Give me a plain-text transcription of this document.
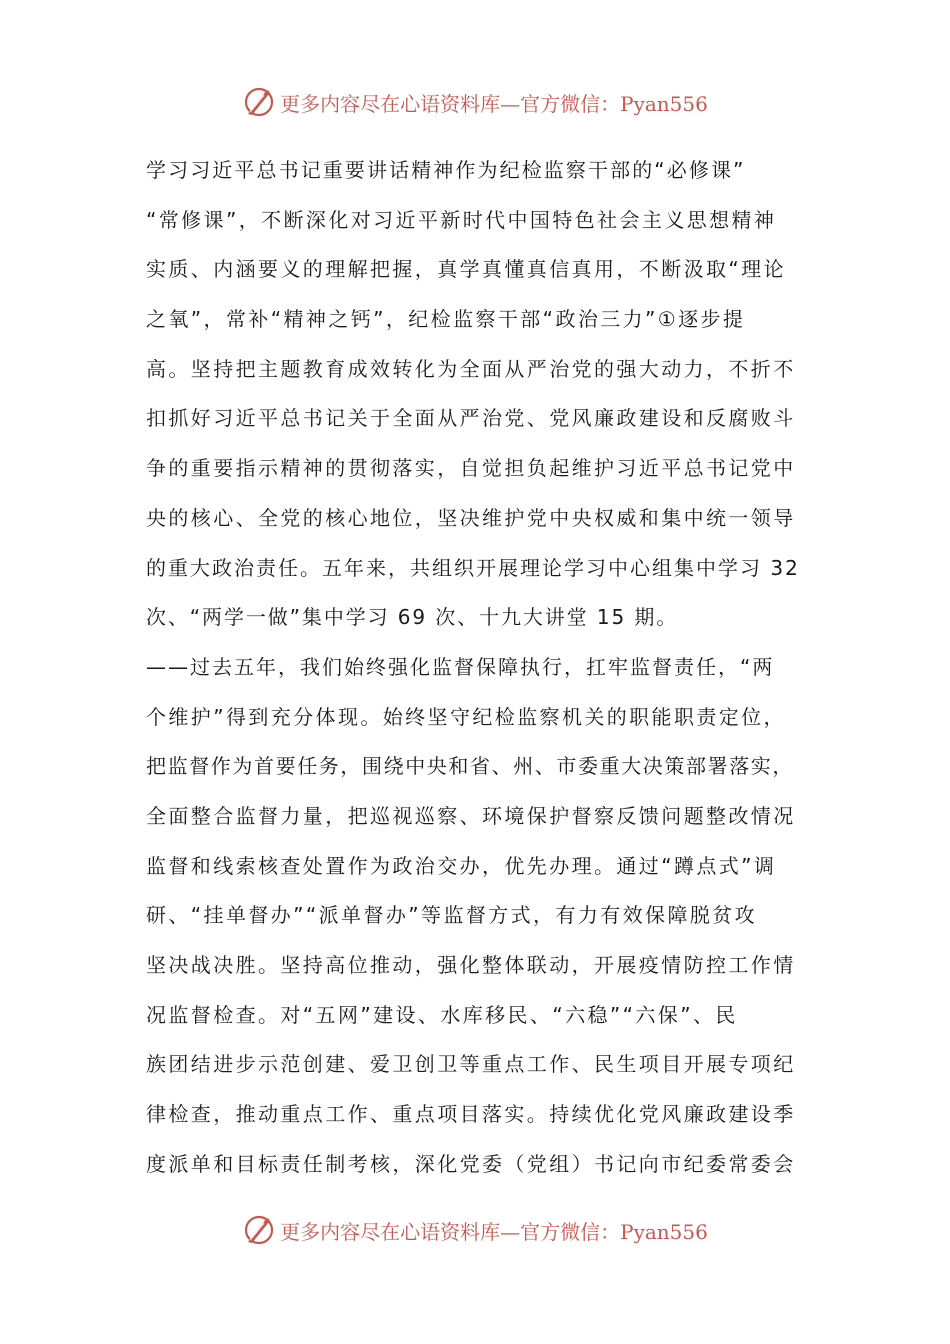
更多内容尽在心语资料库—官方微信：Pyan556
学习习近平总书记重要讲话精神作为纪检监察干部的“必修课”
“常修课”，不断深化对习近平新时代中国特色社会主义思想精神
实质、内涵要义的理解把握，真学真懂真信真用，不断汲取“理论
之氧”，常补“精神之钙”，纪检监察干部“政治三力”①逐步提
高。坚持把主题教育成效转化为全面从严治党的强大动力，不折不
扣抓好习近平总书记关于全面从严治党、党风廉政建设和反腐败斗
争的重要指示精神的贯彻落实，自觉担负起维护习近平总书记党中
央的核心、全党的核心地位，坚决维护党中央权威和集中统一领导
的重大政治责任。五年来，共组织开展理论学习中心组集中学习 32
次、“两学一做”集中学习 69 次、十九大讲堂 15 期。
——过去五年，我们始终强化监督保障执行，扛牢监督责任，“两
个维护”得到充分体现。始终坚守纪检监察机关的职能职责定位，
把监督作为首要任务，围绕中央和省、州、市委重大决策部署落实，
全面整合监督力量，把巡视巡察、环境保护督察反馈问题整改情况
监督和线索核查处置作为政治交办，优先办理。通过“蹲点式”调
研、“挂单督办”“派单督办”等监督方式，有力有效保障脱贫攻
坚决战决胜。坚持高位推动，强化整体联动，开展疫情防控工作情
况监督检查。对“五网”建设、水库移民、“六稳”“六保”、民
族团结进步示范创建、爱卫创卫等重点工作、民生项目开展专项纪
律检查，推动重点工作、重点项目落实。持续优化党风廉政建设季
度派单和目标责任制考核，深化党委（党组）书记向市纪委常委会
更多内容尽在心语资料库—官方微信：Pyan556
